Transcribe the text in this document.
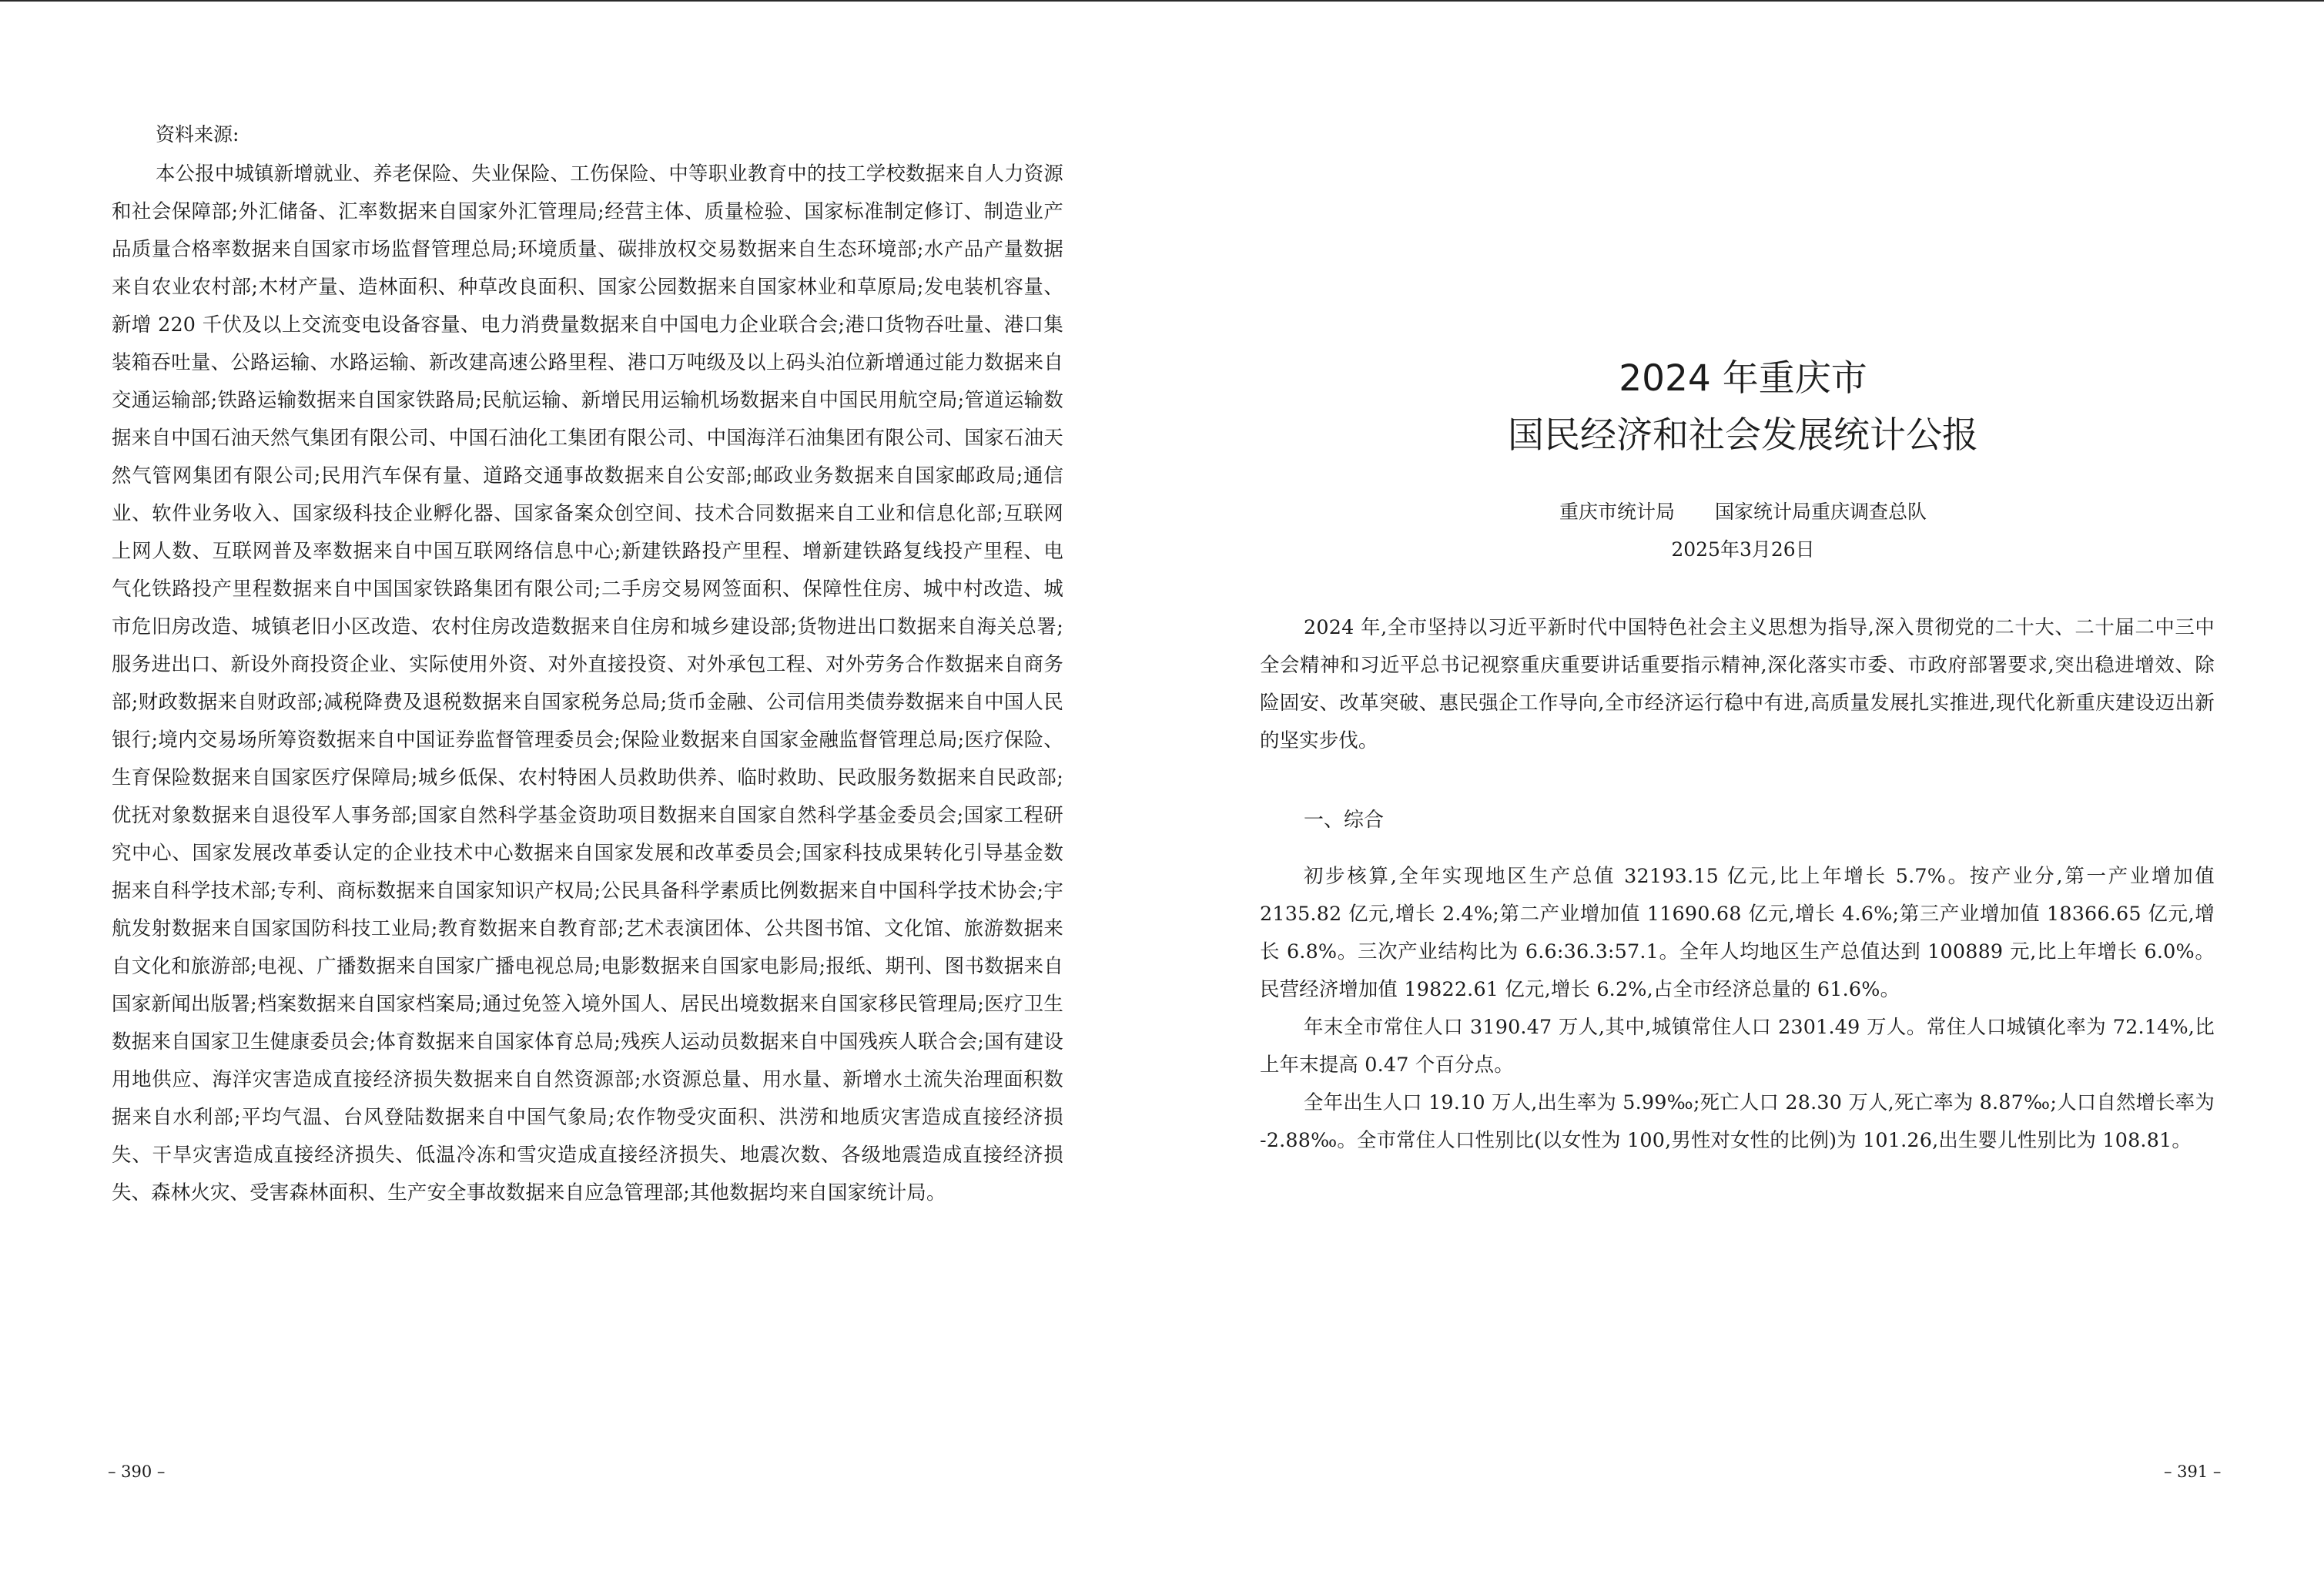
资料来源:

本公报中城镇新增就业、养老保险、失业保险、工伤保险、中等职业教育中的技工学校数据来自人力资源和社会保障部;外汇储备、汇率数据来自国家外汇管理局;经营主体、质量检验、国家标准制定修订、制造业产品质量合格率数据来自国家市场监督管理总局;环境质量、碳排放权交易数据来自生态环境部;水产品产量数据来自农业农村部;木材产量、造林面积、种草改良面积、国家公园数据来自国家林业和草原局;发电装机容量、新增 220 千伏及以上交流变电设备容量、电力消费量数据来自中国电力企业联合会;港口货物吞吐量、港口集装箱吞吐量、公路运输、水路运输、新改建高速公路里程、港口万吨级及以上码头泊位新增通过能力数据来自交通运输部;铁路运输数据来自国家铁路局;民航运输、新增民用运输机场数据来自中国民用航空局;管道运输数据来自中国石油天然气集团有限公司、中国石油化工集团有限公司、中国海洋石油集团有限公司、国家石油天然气管网集团有限公司;民用汽车保有量、道路交通事故数据来自公安部;邮政业务数据来自国家邮政局;通信业、软件业务收入、国家级科技企业孵化器、国家备案众创空间、技术合同数据来自工业和信息化部;互联网上网人数、互联网普及率数据来自中国互联网络信息中心;新建铁路投产里程、增新建铁路复线投产里程、电气化铁路投产里程数据来自中国国家铁路集团有限公司;二手房交易网签面积、保障性住房、城中村改造、城市危旧房改造、城镇老旧小区改造、农村住房改造数据来自住房和城乡建设部;货物进出口数据来自海关总署;服务进出口、新设外商投资企业、实际使用外资、对外直接投资、对外承包工程、对外劳务合作数据来自商务部;财政数据来自财政部;减税降费及退税数据来自国家税务总局;货币金融、公司信用类债券数据来自中国人民银行;境内交易场所筹资数据来自中国证券监督管理委员会;保险业数据来自国家金融监督管理总局;医疗保险、生育保险数据来自国家医疗保障局;城乡低保、农村特困人员救助供养、临时救助、民政服务数据来自民政部;优抚对象数据来自退役军人事务部;国家自然科学基金资助项目数据来自国家自然科学基金委员会;国家工程研究中心、国家发展改革委认定的企业技术中心数据来自国家发展和改革委员会;国家科技成果转化引导基金数据来自科学技术部;专利、商标数据来自国家知识产权局;公民具备科学素质比例数据来自中国科学技术协会;宇航发射数据来自国家国防科技工业局;教育数据来自教育部;艺术表演团体、公共图书馆、文化馆、旅游数据来自文化和旅游部;电视、广播数据来自国家广播电视总局;电影数据来自国家电影局;报纸、期刊、图书数据来自国家新闻出版署;档案数据来自国家档案局;通过免签入境外国人、居民出境数据来自国家移民管理局;医疗卫生数据来自国家卫生健康委员会;体育数据来自国家体育总局;残疾人运动员数据来自中国残疾人联合会;国有建设用地供应、海洋灾害造成直接经济损失数据来自自然资源部;水资源总量、用水量、新增水土流失治理面积数据来自水利部;平均气温、台风登陆数据来自中国气象局;农作物受灾面积、洪涝和地质灾害造成直接经济损失、干旱灾害造成直接经济损失、低温冷冻和雪灾造成直接经济损失、地震次数、各级地震造成直接经济损失、森林火灾、受害森林面积、生产安全事故数据来自应急管理部;其他数据均来自国家统计局。

– 390 –
2024 年重庆市
国民经济和社会发展统计公报
重庆市统计局 国家统计局重庆调查总队
2025年3月26日

2024 年,全市坚持以习近平新时代中国特色社会主义思想为指导,深入贯彻党的二十大、二十届二中三中全会精神和习近平总书记视察重庆重要讲话重要指示精神,深化落实市委、市政府部署要求,突出稳进增效、除险固安、改革突破、惠民强企工作导向,全市经济运行稳中有进,高质量发展扎实推进,现代化新重庆建设迈出新的坚实步伐。

一、综合

初步核算,全年实现地区生产总值 32193.15 亿元,比上年增长 5.7%。按产业分,第一产业增加值 2135.82 亿元,增长 2.4%;第二产业增加值 11690.68 亿元,增长 4.6%;第三产业增加值 18366.65 亿元,增长 6.8%。三次产业结构比为 6.6:36.3:57.1。全年人均地区生产总值达到 100889 元,比上年增长 6.0%。民营经济增加值 19822.61 亿元,增长 6.2%,占全市经济总量的 61.6%。

年末全市常住人口 3190.47 万人,其中,城镇常住人口 2301.49 万人。常住人口城镇化率为 72.14%,比上年末提高 0.47 个百分点。

全年出生人口 19.10 万人,出生率为 5.99‰;死亡人口 28.30 万人,死亡率为 8.87‰;人口自然增长率为 -2.88‰。全市常住人口性别比(以女性为 100,男性对女性的比例)为 101.26,出生婴儿性别比为 108.81。

– 391 –
